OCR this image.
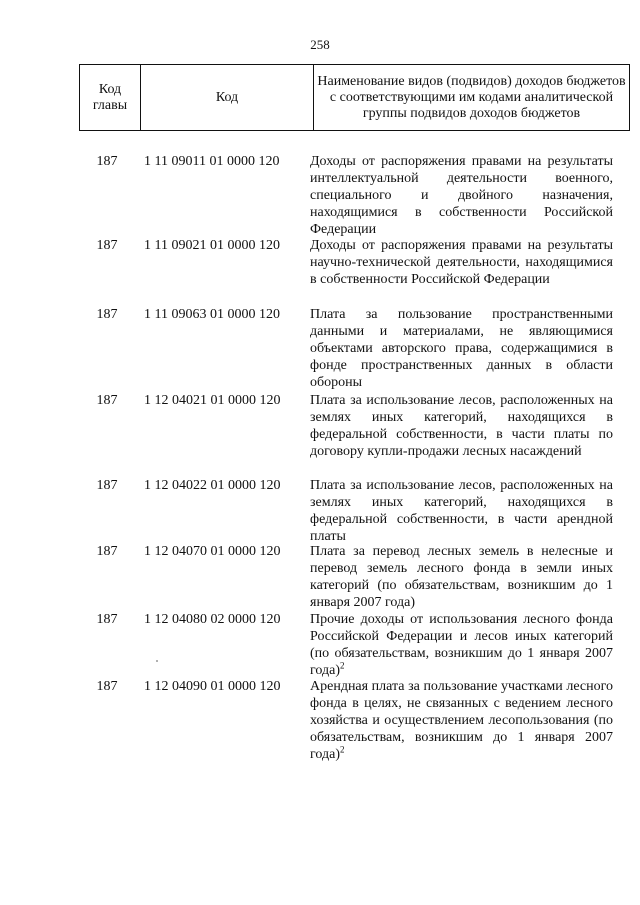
258
Код главы	Код	Наименование видов (подвидов) доходов бюджетов с соответствующими им кодами аналитической группы подвидов доходов бюджетов
187	1 11 09011 01 0000 120	Доходы от распоряжения правами на результаты интеллектуальной деятельности военного, специального и двойного назначения, находящимися в собственности Российской Федерации
187	1 11 09021 01 0000 120	Доходы от распоряжения правами на результаты научно-технической деятельности, находящимися в собственности Российской Федерации
187	1 11 09063 01 0000 120	Плата за пользование пространственными данными и материалами, не являющимися объектами авторского права, содержащимися в фонде пространственных данных в области обороны
187	1 12 04021 01 0000 120	Плата за использование лесов, расположенных на землях иных категорий, находящихся в федеральной собственности, в части платы по договору купли-продажи лесных насаждений
187	1 12 04022 01 0000 120	Плата за использование лесов, расположенных на землях иных категорий, находящихся в федеральной собственности, в части арендной платы
187	1 12 04070 01 0000 120	Плата за перевод лесных земель в нелесные и перевод земель лесного фонда в земли иных категорий (по обязательствам, возникшим до 1 января 2007 года)
187	1 12 04080 02 0000 120	Прочие доходы от использования лесного фонда Российской Федерации и лесов иных категорий (по обязательствам, возникшим до 1 января 2007 года)$^2$
187	1 12 04090 01 0000 120	Арендная плата за пользование участками лесного фонда в целях, не связанных с ведением лесного хозяйства и осуществлением лесопользования (по обязательствам, возникшим до 1 января 2007 года)$^2$
